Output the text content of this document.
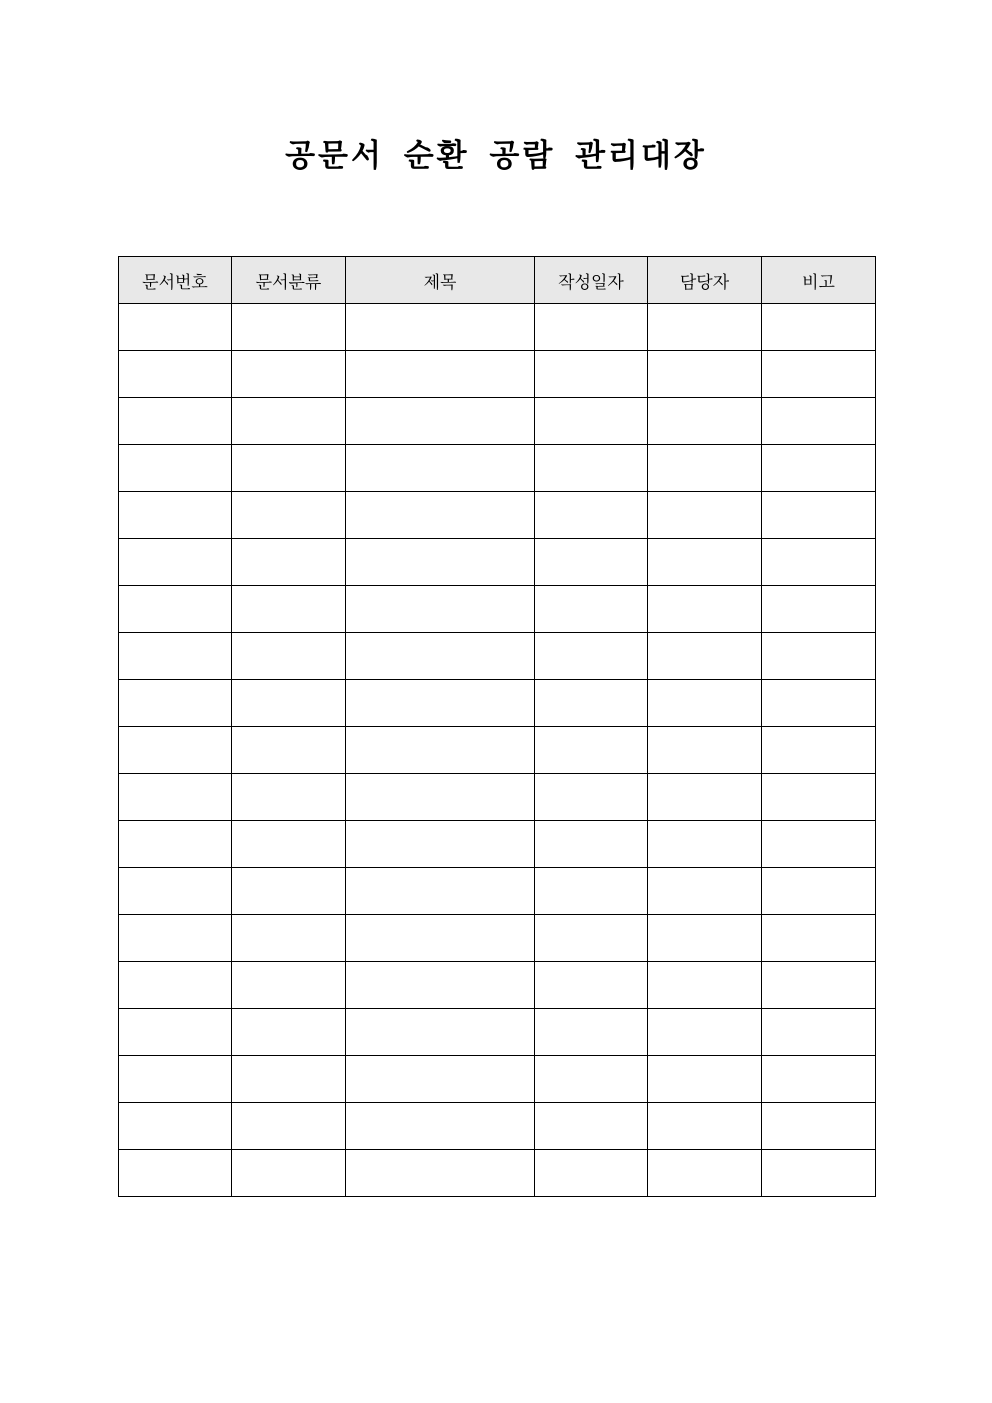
공문서 순환 공람 관리대장
문서번호	문서분류	제목	작성일자	담당자	비고
